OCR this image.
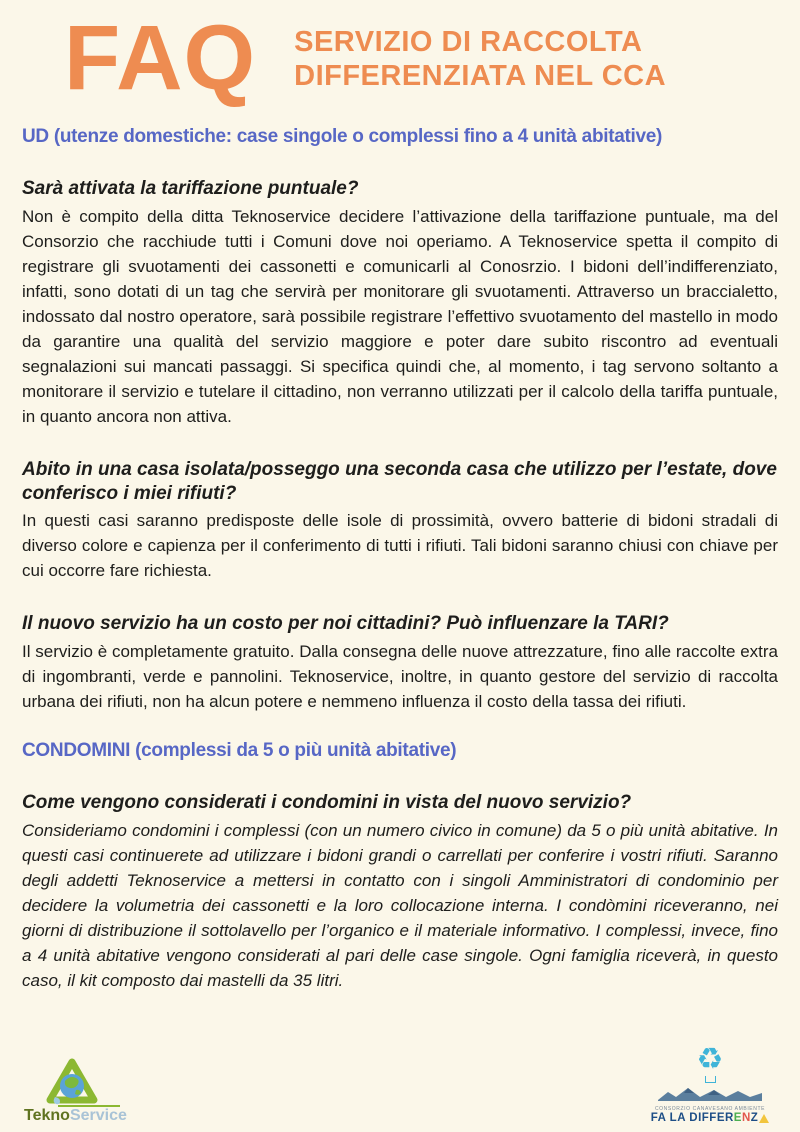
FAQ SERVIZIO DI RACCOLTA
DIFFERENZIATA NEL CCA
UD (utenze domestiche: case singole o complessi fino a 4 unità abitative)
Sarà attivata la tariffazione puntuale?

Non è compito della ditta Teknoservice decidere l’attivazione della tariffazione puntuale, ma del Consorzio che racchiude tutti i Comuni dove noi operiamo. A Teknoservice spetta il compito di registrare gli svuotamenti dei cassonetti e comunicarli al Conosrzio. I bidoni dell’indifferenziato, infatti, sono dotati di un tag che servirà per monitorare gli svuotamenti. Attraverso un braccialetto, indossato dal nostro operatore, sarà possibile registrare l’effettivo svuotamento del mastello in modo da garantire una qualità del servizio maggiore e poter dare subito riscontro ad eventuali segnalazioni sui mancati passaggi. Si specifica quindi che, al momento, i tag servono soltanto a monitorare il servizio e tutelare il cittadino, non verranno utilizzati per il calcolo della tariffa puntuale, in quanto ancora non attiva.

Abito in una casa isolata/posseggo una seconda casa che utilizzo per l’estate, dove conferisco i miei rifiuti?

In questi casi saranno predisposte delle isole di prossimità, ovvero batterie di bidoni stradali di diverso colore e capienza per il conferimento di tutti i rifiuti. Tali bidoni saranno chiusi con chiave per cui occorre fare richiesta.

Il nuovo servizio ha un costo per noi cittadini? Può influenzare la TARI?

Il servizio è completamente gratuito. Dalla consegna delle nuove attrezzature, fino alle raccolte extra di ingombranti, verde e pannolini. Teknoservice, inoltre, in quanto gestore del servizio di raccolta urbana dei rifiuti, non ha alcun potere e nemmeno influenza il costo della tassa dei rifiuti.

CONDOMINI (complessi da 5 o più unità abitative)
Come vengono considerati i condomini in vista del nuovo servizio?

Consideriamo condomini i complessi (con un numero civico in comune) da 5 o più unità abitative. In questi casi continuerete ad utilizzare i bidoni grandi o carrellati per conferire i vostri rifiuti. Saranno degli addetti Teknoservice a mettersi in contatto con i singoli Amministratori di condominio per decidere la volumetria dei cassonetti e la loro collocazione interna. I condòmini riceveranno, nei giorni di distribuzione il sottolavello per l’organico e il materiale informativo. I complessi, invece, fino a 4 unità abitative vengono considerati al pari delle case singole. Ogni famiglia riceverà, in questo caso, il kit composto dai mastelli da 35 litri.

TeknoService
♻
CONSORZIO CANAVESANO AMBIENTE
FA LA DIFFER E N Z
